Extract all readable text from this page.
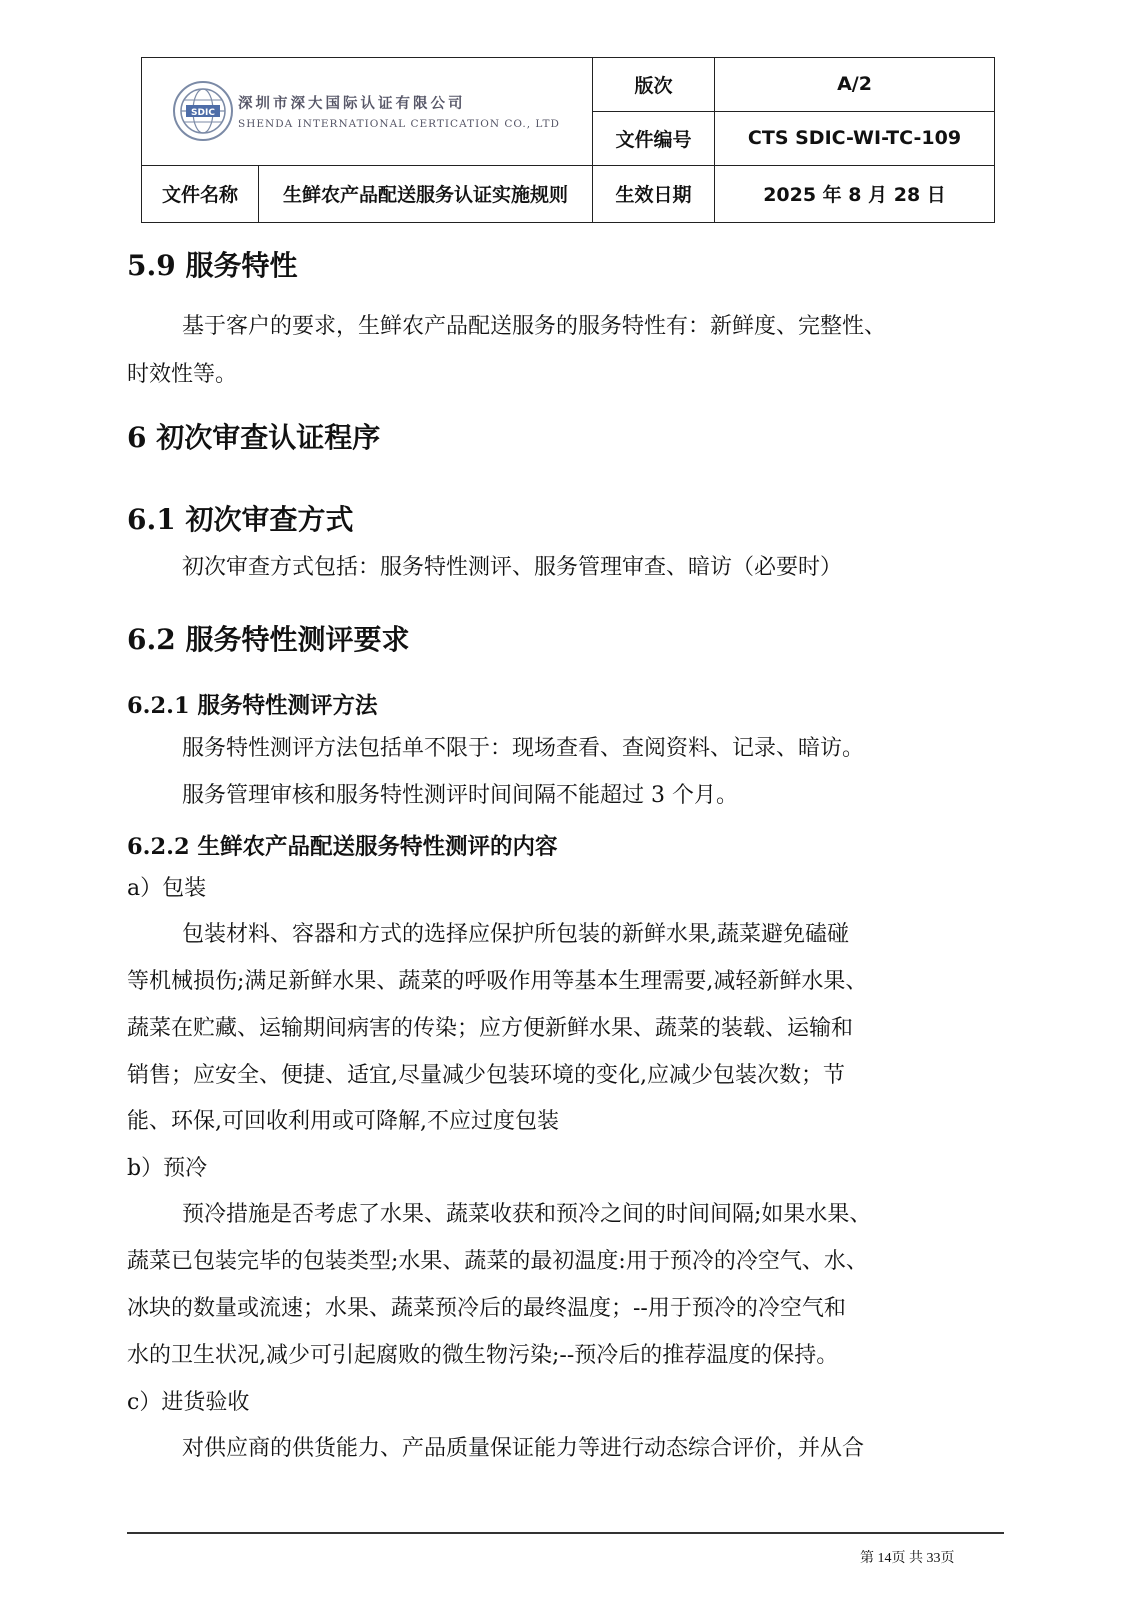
SDIC
深圳市深大国际认证有限公司
SHENDA INTERNATIONAL CERTICATION CO., LTD		版次	A/2
		文件编号	CTS SDIC-WI-TC-109
文件名称	生鲜农产品配送服务认证实施规则	生效日期	2025 年 8 月 28 日
5.9 服务特性
基于客户的要求，生鲜农产品配送服务的服务特性有：新鲜度、完整性、
时效性等。
6 初次审查认证程序
6.1 初次审查方式
初次审查方式包括：服务特性测评、服务管理审查、暗访（必要时）
6.2 服务特性测评要求
6.2.1 服务特性测评方法
服务特性测评方法包括单不限于：现场查看、查阅资料、记录、暗访。
服务管理审核和服务特性测评时间间隔不能超过 3 个月。
6.2.2 生鲜农产品配送服务特性测评的内容
a）包装
包装材料、容器和方式的选择应保护所包装的新鲜水果,蔬菜避免磕碰
等机械损伤;满足新鲜水果、蔬菜的呼吸作用等基本生理需要,减轻新鲜水果、
蔬菜在贮藏、运输期间病害的传染；应方便新鲜水果、蔬菜的装载、运输和
销售；应安全、便捷、适宜,尽量减少包装环境的变化,应减少包装次数；节
能、环保,可回收利用或可降解,不应过度包装
b）预冷
预冷措施是否考虑了水果、蔬菜收获和预冷之间的时间间隔;如果水果、
蔬菜已包装完毕的包装类型;水果、蔬菜的最初温度:用于预冷的冷空气、水、
冰块的数量或流速；水果、蔬菜预冷后的最终温度；--用于预冷的冷空气和
水的卫生状况,减少可引起腐败的微生物污染;--预冷后的推荐温度的保持。
c）进货验收
对供应商的供货能力、产品质量保证能力等进行动态综合评价，并从合
第 14页 共 33页
